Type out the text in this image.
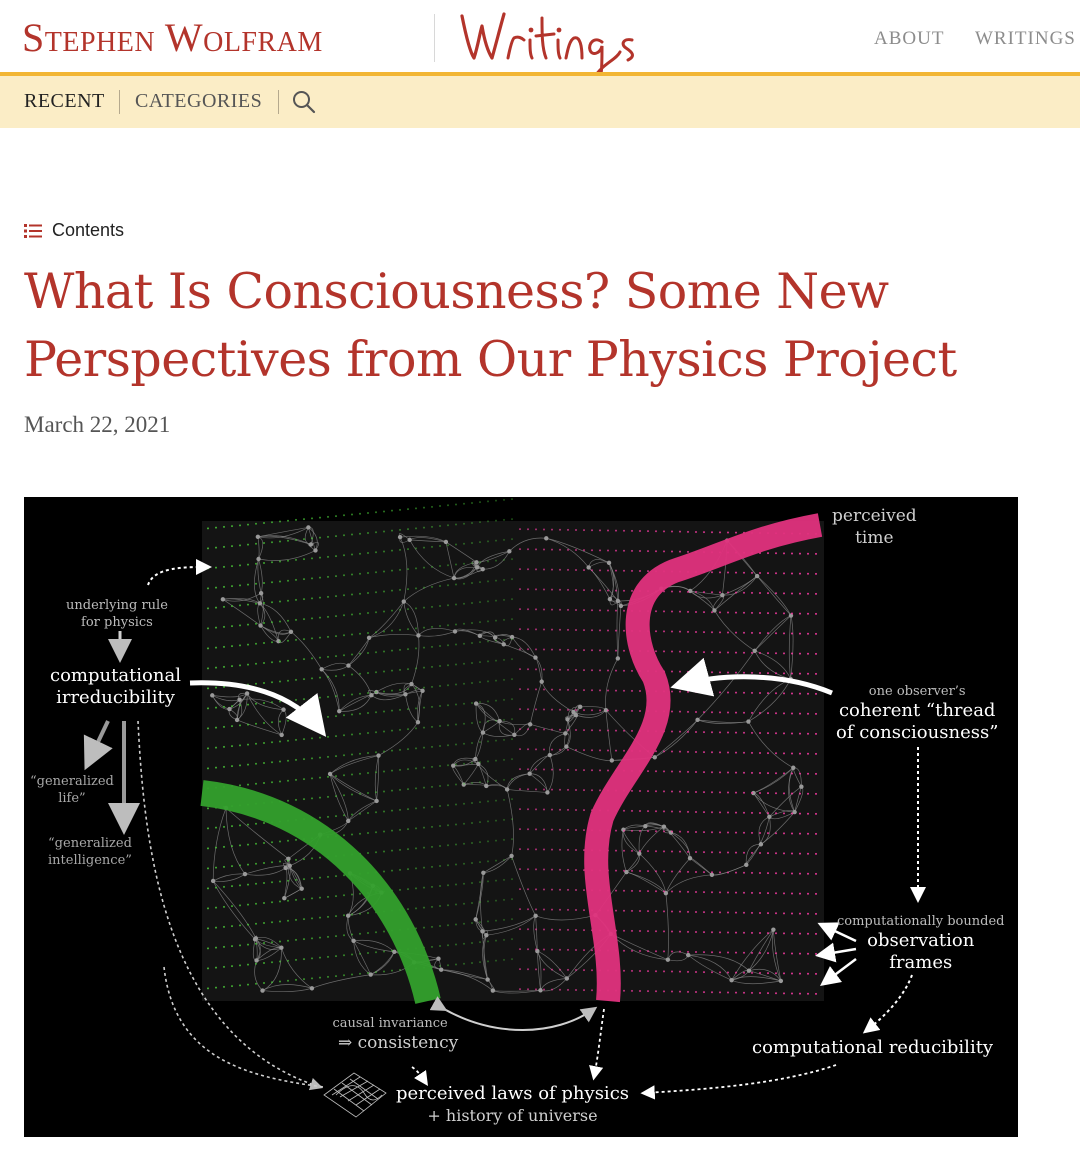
Stephen Wolfram	ABOUT WRITINGS
RECENT CATEGORIES
Contents
What Is Consciousness? Some New Perspectives from Our Physics Project
March 22, 2021
perceived
time
underlying rule
for physics
computational
irreducibility
“generalized
life”
“generalized
intelligence”
one observer’s
coherent “thread
of consciousness”
computationally bounded
observation
frames
causal invariance
⇒ consistency	computational reducibility
perceived laws of physics
+ history of universe
